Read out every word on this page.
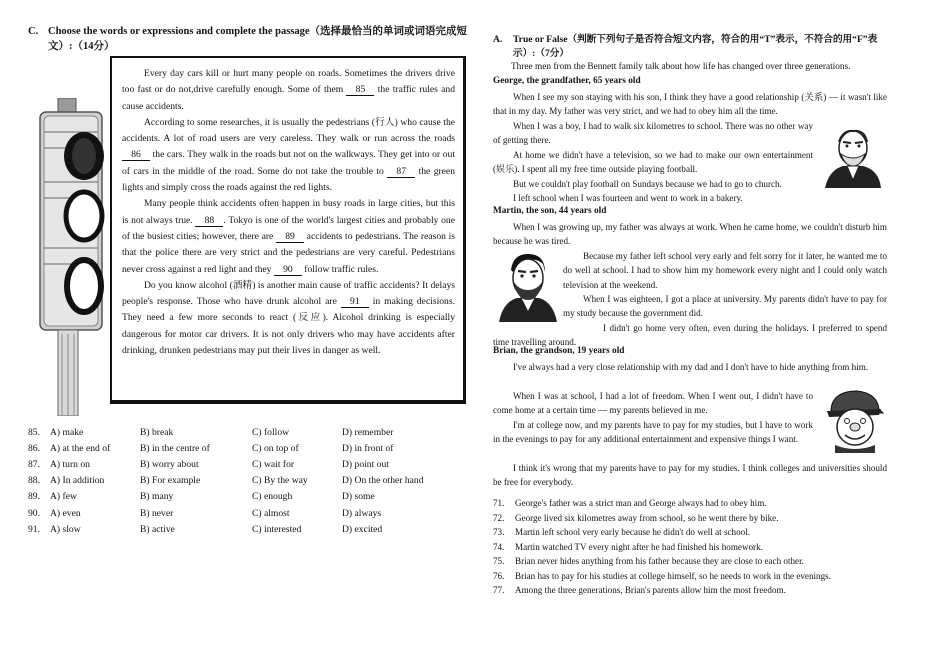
C. Choose the words or expressions and complete the passage（选择最恰当的单词或词语完成短文）:（14分）

Every day cars kill or hurt many people on roads. Sometimes the drivers drive too fast or do not,drive carefully enough. Some of them 85 the traffic rules and cause accidents.

According to some researches, it is usually the pedestrians (行人) who cause the accidents. A lot of road users are very careless. They walk or run across the roads 86 the cars. They walk in the roads but not on the walkways. They get into or out of cars in the middle of the road. Some do not take the trouble to 87 the green lights and simply cross the roads against the red lights.

Many people think accidents often happen in busy roads in large cities, but this is not always true. 88 . Tokyo is one of the world's largest cities and probably one of the busiest cities; however, there are 89 accidents to pedestrians. The reason is that the police there are very strict and the pedestrians are very careful. Pedestrians never cross against a red light and they 90 follow traffic rules.

Do you know alcohol (酒精) is another main cause of traffic accidents? It delays people's response. Those who have drunk alcohol are 91 in making decisions. They need a few more seconds to react (反应). Alcohol drinking is especially dangerous for motor car drivers. It is not only drivers who may have accidents after drinking, drunken pedestrians may put their lives in danger as well.

85.	A) make	B) break	C) follow	D) remember
86.	A) at the end of	B) in the centre of	C) on top of	D) in front of
87.	A) turn on	B) worry about	C) wait for	D) point out
88.	A) In addition	B) For example	C) By the way	D) On the other hand
89.	A) few	B) many	C) enough	D) some
90.	A) even	B) never	C) almost	D) always
91.	A) slow	B) active	C) interested	D) excited
A.	True or False（判断下列句子是否符合短文内容，符合的用“T”表示，不符合的用“F”表示）:（7分）
Three men from the Bennett family talk about how life has changed over three generations.
George, the grandfather, 65 years old

When I see my son staying with his son, I think they have a good relationship (关系) — it wasn't like that in my day. My father was very strict, and we had to obey him all the time.

When I was a boy, I had to walk six kilometres to school. There was no other way of getting there.

At home we didn't have a television, so we had to make our own entertainment (娱乐). I spent all my free time outside playing football.

But we couldn't play football on Sundays because we had to go to church.

I left school when I was fourteen and went to work in a bakery.

Martin, the son, 44 years old

When I was growing up, my father was always at work. When he came home, we couldn't disturb him because he was tired.

Because my father left school very early and felt sorry for it later, he wanted me to do well at school. I had to show him my homework every night and I could only watch television at the weekend.

When I was eighteen, I got a place at university. My parents didn't have to pay for my study because the government did.

I didn't go home very often, even during the holidays. I preferred to spend time travelling around.

Brian, the grandson, 19 years old

I've always had a very close relationship with my dad and I don't have to hide anything from him.

When I was at school, I had a lot of freedom. When I went out, I didn't have to come home at a certain time — my parents believed in me.

I'm at college now, and my parents have to pay for my studies, but I have to work in the evenings to pay for any additional entertainment and expensive things I want.

I think it's wrong that my parents have to pay for my studies. I think colleges and universities should be free for everybody.

71.	George's father was a strict man and George always had to obey him.
72.	George lived six kilometres away from school, so he went there by bike.
73.	Martin left school very early because he didn't do well at school.
74.	Martin watched TV every night after he had finished his homework.
75.	Brian never hides anything from his father because they are close to each other.
76.	Brian has to pay for his studies at college himself, so he needs to work in the evenings.
77.	Among the three generations, Brian's parents allow him the most freedom.
